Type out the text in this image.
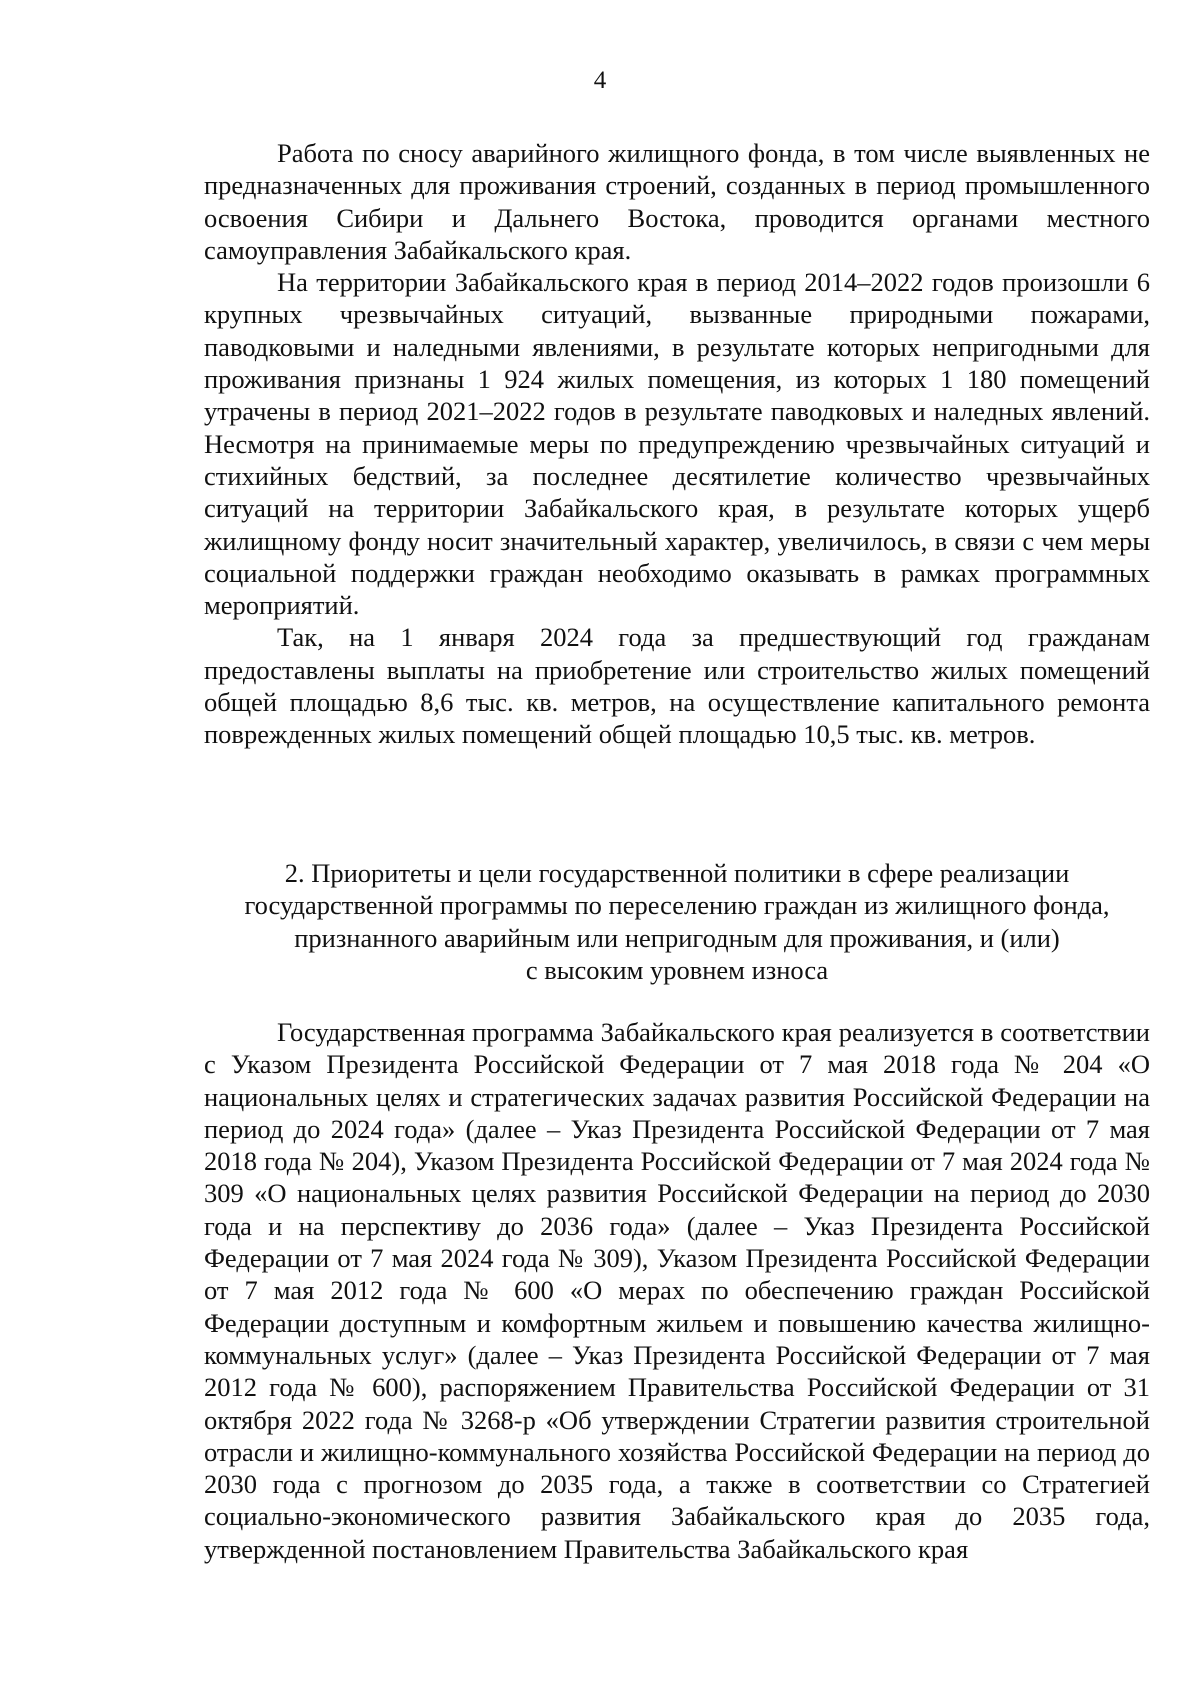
4

Работа по сносу аварийного жилищного фонда, в том числе выявленных не предназначенных для проживания строений, созданных в период промышленного освоения Сибири и Дальнего Востока, проводится органами местного самоуправления Забайкальского края.

На территории Забайкальского края в период 2014–2022 годов произошли 6 крупных чрезвычайных ситуаций, вызванные природными пожарами, паводковыми и наледными явлениями, в результате которых непригодными для проживания признаны 1 924 жилых помещения, из которых 1 180 помещений утрачены в период 2021–2022 годов в результате паводковых и наледных явлений. Несмотря на принимаемые меры по предупреждению чрезвычайных ситуаций и стихийных бедствий, за последнее десятилетие количество чрезвычайных ситуаций на территории Забайкальского края, в результате которых ущерб жилищному фонду носит значительный характер, увеличилось, в связи с чем меры социальной поддержки граждан необходимо оказывать в рамках программных мероприятий.

Так, на 1 января 2024 года за предшествующий год гражданам предоставлены выплаты на приобретение или строительство жилых помещений общей площадью 8,6 тыс. кв. метров, на осуществление капитального ремонта поврежденных жилых помещений общей площадью 10,5 тыс. кв. метров.

2. Приоритеты и цели государственной политики в сфере реализации
государственной программы по переселению граждан из жилищного фонда,
признанного аварийным или непригодным для проживания, и (или)
с высоким уровнем износа

Государственная программа Забайкальского края реализуется в соответствии с Указом Президента Российской Федерации от 7 мая 2018 года № 204 «О национальных целях и стратегических задачах развития Российской Федерации на период до 2024 года» (далее – Указ Президента Российской Федерации от 7 мая 2018 года № 204), Указом Президента Российской Федерации от 7 мая 2024 года № 309 «О национальных целях развития Российской Федерации на период до 2030 года и на перспективу до 2036 года» (далее – Указ Президента Российской Федерации от 7 мая 2024 года № 309), Указом Президента Российской Федерации от 7 мая 2012 года № 600 «О мерах по обеспечению граждан Российской Федерации доступным и комфортным жильем и повышению качества жилищно-коммунальных услуг» (далее – Указ Президента Российской Федерации от 7 мая 2012 года № 600), распоряжением Правительства Российской Федерации от 31 октября 2022 года № 3268-р «Об утверждении Стратегии развития строительной отрасли и жилищно-коммунального хозяйства Российской Федерации на период до 2030 года с прогнозом до 2035 года, а также в соответствии со Стратегией социально-экономического развития Забайкальского края до 2035 года, утвержденной постановлением Правительства Забайкальского края
